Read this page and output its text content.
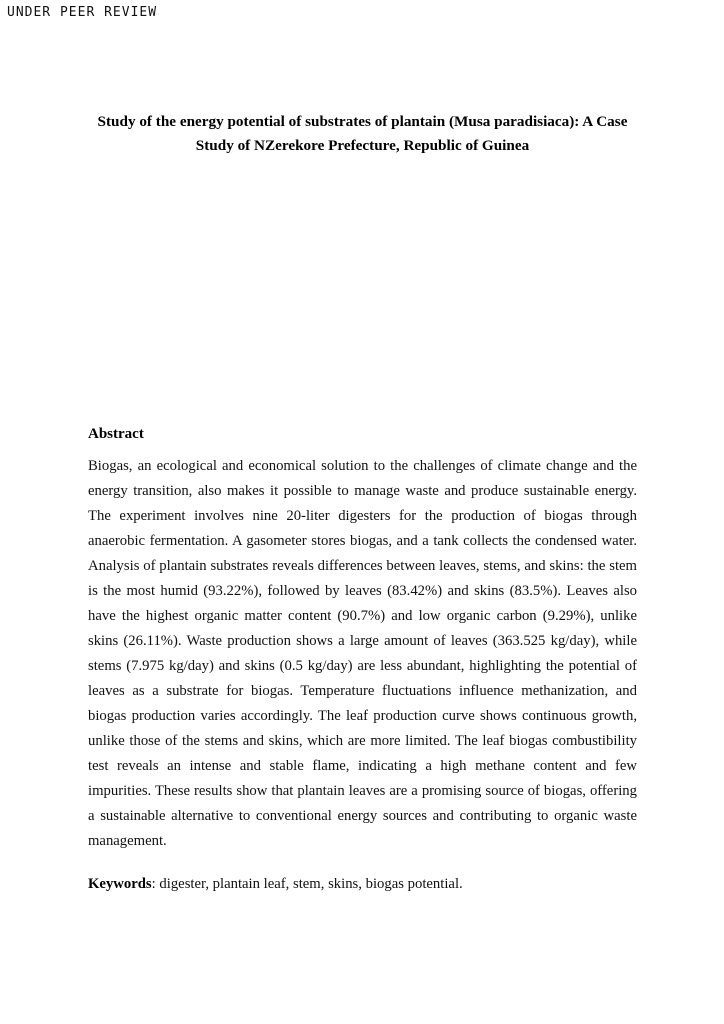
UNDER PEER REVIEW
Study of the energy potential of substrates of plantain (Musa paradisiaca): A Case Study of NZerekore Prefecture, Republic of Guinea
Abstract

Biogas, an ecological and economical solution to the challenges of climate change and the energy transition, also makes it possible to manage waste and produce sustainable energy. The experiment involves nine 20-liter digesters for the production of biogas through anaerobic fermentation. A gasometer stores biogas, and a tank collects the condensed water. Analysis of plantain substrates reveals differences between leaves, stems, and skins: the stem is the most humid (93.22%), followed by leaves (83.42%) and skins (83.5%). Leaves also have the highest organic matter content (90.7%) and low organic carbon (9.29%), unlike skins (26.11%). Waste production shows a large amount of leaves (363.525 kg/day), while stems (7.975 kg/day) and skins (0.5 kg/day) are less abundant, highlighting the potential of leaves as a substrate for biogas. Temperature fluctuations influence methanization, and biogas production varies accordingly. The leaf production curve shows continuous growth, unlike those of the stems and skins, which are more limited. The leaf biogas combustibility test reveals an intense and stable flame, indicating a high methane content and few impurities. These results show that plantain leaves are a promising source of biogas, offering a sustainable alternative to conventional energy sources and contributing to organic waste management.

Keywords: digester, plantain leaf, stem, skins, biogas potential.
